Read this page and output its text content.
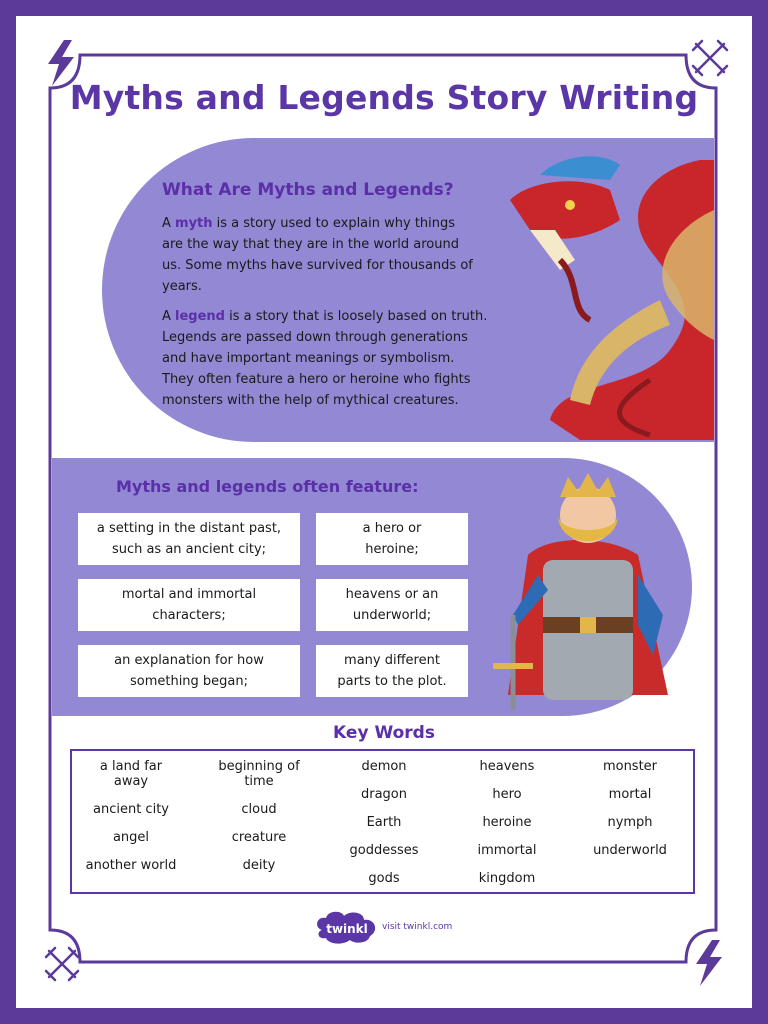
Myths and Legends Story Writing
What Are Myths and Legends?
A myth is a story used to explain why things
are the way that they are in the world around
us. Some myths have survived for thousands of
years.
A legend is a story that is loosely based on truth.
Legends are passed down through generations
and have important meanings or symbolism.
They often feature a hero or heroine who fights
monsters with the help of mythical creatures.
Myths and legends often feature:
a setting in the distant past, such as an ancient city;
a hero or heroine;
mortal and immortal characters;
heavens or an underworld;
an explanation for how something began;
many different parts to the plot.
Key Words
a land far away
ancient city
angel
another world
beginning of time
cloud
creature
deity
demon
dragon
Earth
goddesses
gods
heavens
hero
heroine
immortal
kingdom
monster
mortal
nymph
underworld
twinkl visit twinkl.com
